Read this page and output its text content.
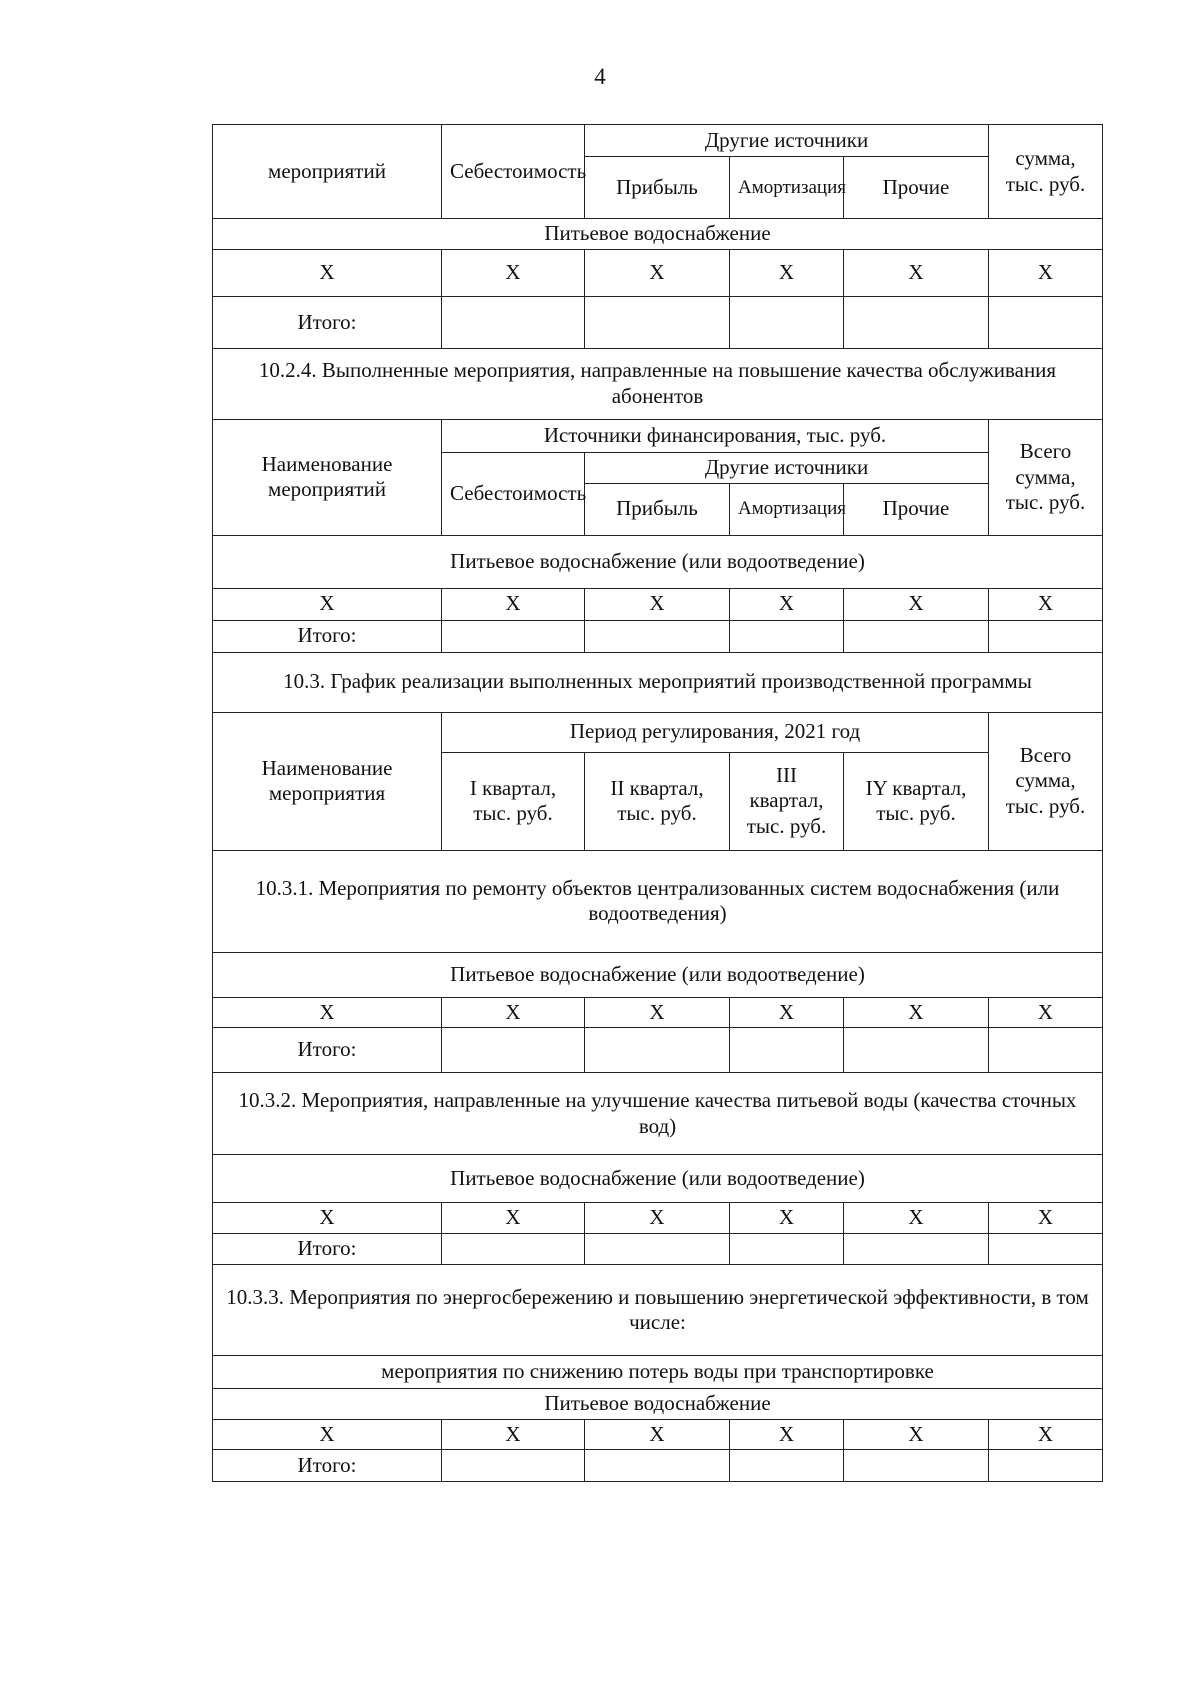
4
мероприятий	Себестоимость	Другие источники			сумма, тыс. руб.
		Прибыль	Амортизация	Прочие	
Питьевое водоснабжение					
X	X	X	X	X	X
Итого:					
10.2.4. Выполненные мероприятия, направленные на повышение качества обслуживания абонентов					
Наименование мероприятий	Источники финансирования, тыс. руб.				Всего сумма, тыс. руб.
	Себестоимость	Другие источники			
		Прибыль	Амортизация	Прочие	
Питьевое водоснабжение (или водоотведение)					
X	X	X	X	X	X
Итого:					
10.3. График реализации выполненных мероприятий производственной программы					
Наименование мероприятия	Период регулирования, 2021 год				Всего сумма, тыс. руб.
	I квартал, тыс. руб.	II квартал, тыс. руб.	III квартал, тыс. руб.	IY квартал, тыс. руб.	
10.3.1. Мероприятия по ремонту объектов централизованных систем водоснабжения (или водоотведения)					
Питьевое водоснабжение (или водоотведение)					
X	X	X	X	X	X
Итого:					
10.3.2. Мероприятия, направленные на улучшение качества питьевой воды (качества сточных вод)					
Питьевое водоснабжение (или водоотведение)					
X	X	X	X	X	X
Итого:					
10.3.3. Мероприятия по энергосбережению и повышению энергетической эффективности, в том числе:					
мероприятия по снижению потерь воды при транспортировке					
Питьевое водоснабжение					
X	X	X	X	X	X
Итого:					
